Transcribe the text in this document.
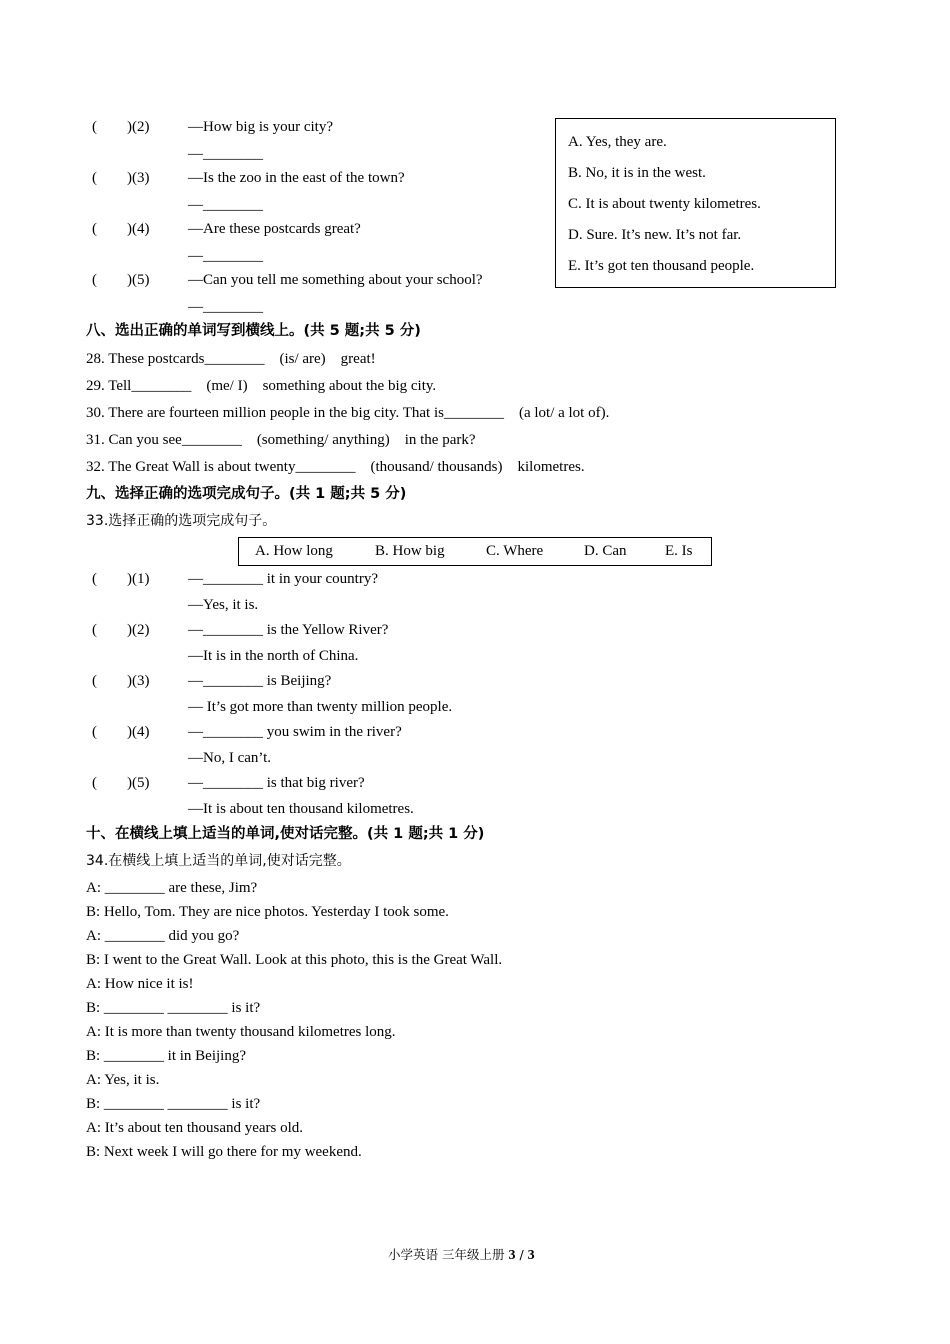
(　　)(2)	—How big is your city?
—________
(　　)(3)	—Is the zoo in the east of the town?
—________
(　　)(4)	—Are these postcards great?
—________
(　　)(5)	—Can you tell me something about your school?
—________
A. Yes, they are.
B. No, it is in the west.
C. It is about twenty kilometres.
D. Sure. It’s new. It’s not far.
E. It’s got ten thousand people.
八、选出正确的单词写到横线上。(共 5 题;共 5 分)
28. These postcards________　(is/ are)　great!
29. Tell________　(me/ I)　something about the big city.
30. There are fourteen million people in the big city. That is________　(a lot/ a lot of).
31. Can you see________　(something/ anything)　in the park?
32. The Great Wall is about twenty________　(thousand/ thousands)　kilometres.
九、选择正确的选项完成句子。(共 1 题;共 5 分)
33.选择正确的选项完成句子。
A. How long	B. How big	C. Where	D. Can	E. Is
(　　)(1)	—________ it in your country?
—Yes, it is.
(　　)(2)	—________ is the Yellow River?
—It is in the north of China.
(　　)(3)	—________ is Beijing?
— It’s got more than twenty million people.
(　　)(4)	—________ you swim in the river?
—No, I can’t.
(　　)(5)	—________ is that big river?
—It is about ten thousand kilometres.
十、在横线上填上适当的单词,使对话完整。(共 1 题;共 1 分)
34.在横线上填上适当的单词,使对话完整。
A: ________ are these, Jim?
B: Hello, Tom. They are nice photos. Yesterday I took some.
A: ________ did you go?
B: I went to the Great Wall. Look at this photo, this is the Great Wall.
A: How nice it is!
B: ________ ________ is it?
A: It is more than twenty thousand kilometres long.
B: ________ it in Beijing?
A: Yes, it is.
B: ________ ________ is it?
A: It’s about ten thousand years old.
B: Next week I will go there for my weekend.
小学英语 三年级上册 3 / 3
